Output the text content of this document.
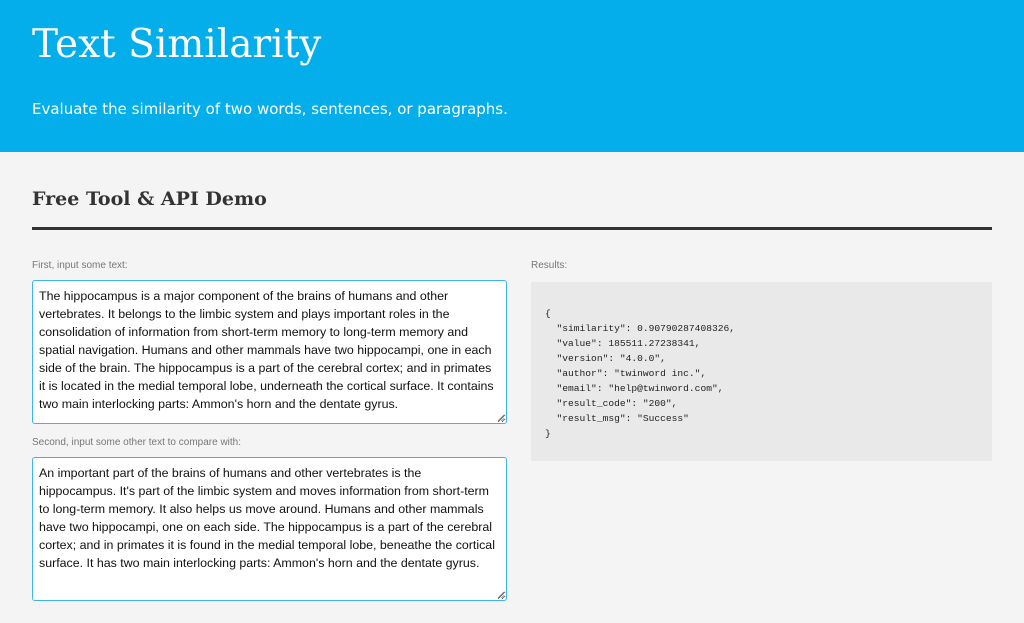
Text Similarity

Evaluate the similarity of two words, sentences, or paragraphs.

Free Tool & API Demo
First, input some text:
The hippocampus is a major component of the brains of humans and other vertebrates. It belongs to the limbic system and plays important roles in the consolidation of information from short-term memory to long-term memory and spatial navigation. Humans and other mammals have two hippocampi, one in each side of the brain. The hippocampus is a part of the cerebral cortex; and in primates it is located in the medial temporal lobe, underneath the cortical surface. It contains two main interlocking parts: Ammon's horn and the dentate gyrus.
Second, input some other text to compare with:
An important part of the brains of humans and other vertebrates is the hippocampus. It's part of the limbic system and moves information from short-term to long-term memory. It also helps us move around. Humans and other mammals have two hippocampi, one on each side. The hippocampus is a part of the cerebral cortex; and in primates it is found in the medial temporal lobe, beneathe the cortical surface. It has two main interlocking parts: Ammon's horn and the dentate gyrus.
Results:
{
"similarity": 0.90790287408326,
"value": 185511.27238341,
"version": "4.0.0",
"author": "twinword inc.",
"email": "help@twinword.com",
"result_code": "200",
"result_msg": "Success"
}
